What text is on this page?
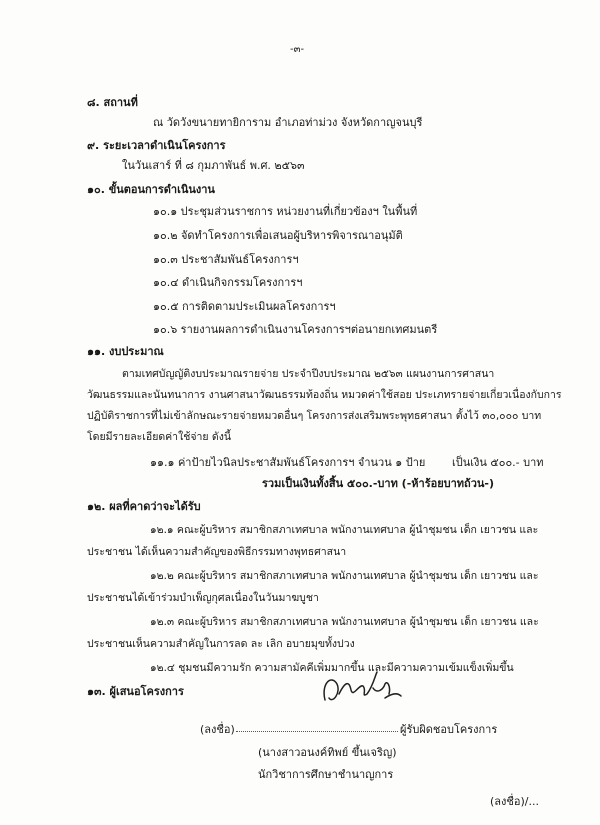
-๓-
๘. สถานที่
ณ วัดวังขนายทายิการาม อำเภอท่าม่วง จังหวัดกาญจนบุรี
๙. ระยะเวลาดำเนินโครงการ
ในวันเสาร์ ที่ ๘ กุมภาพันธ์ พ.ศ. ๒๕๖๓
๑๐. ขั้นตอนการดำเนินงาน
๑๐.๑ ประชุมส่วนราชการ หน่วยงานที่เกี่ยวข้องฯ ในพื้นที่
๑๐.๒ จัดทำโครงการเพื่อเสนอผู้บริหารพิจารณาอนุมัติ
๑๐.๓ ประชาสัมพันธ์โครงการฯ
๑๐.๔ ดำเนินกิจกรรมโครงการฯ
๑๐.๕ การติดตามประเมินผลโครงการฯ
๑๐.๖ รายงานผลการดำเนินงานโครงการฯต่อนายกเทศมนตรี
๑๑. งบประมาณ
ตามเทศบัญญัติงบประมาณรายจ่าย ประจำปีงบประมาณ ๒๕๖๓ แผนงานการศาสนา
วัฒนธรรมและนันทนาการ งานศาสนาวัฒนธรรมท้องถิ่น หมวดค่าใช้สอย ประเภทรายจ่ายเกี่ยวเนื่องกับการ
ปฏิบัติราชการที่ไม่เข้าลักษณะรายจ่ายหมวดอื่นๆ โครงการส่งเสริมพระพุทธศาสนา ตั้งไว้ ๓๐,๐๐๐ บาท
โดยมีรายละเอียดค่าใช้จ่าย ดังนี้
๑๑.๑ ค่าป้ายไวนิลประชาสัมพันธ์โครงการฯ จำนวน ๑ ป้าย เป็นเงิน ๕๐๐.- บาท
รวมเป็นเงินทั้งสิ้น ๕๐๐.-บาท (-ห้าร้อยบาทถ้วน-)
๑๒. ผลที่คาดว่าจะได้รับ
๑๒.๑ คณะผู้บริหาร สมาชิกสภาเทศบาล พนักงานเทศบาล ผู้นำชุมชน เด็ก เยาวชน และ
ประชาชน ได้เห็นความสำคัญของพิธีกรรมทางพุทธศาสนา
๑๒.๒ คณะผู้บริหาร สมาชิกสภาเทศบาล พนักงานเทศบาล ผู้นำชุมชน เด็ก เยาวชน และ
ประชาชนได้เข้าร่วมบำเพ็ญกุศลเนื่องในวันมาฆบูชา
๑๒.๓ คณะผู้บริหาร สมาชิกสภาเทศบาล พนักงานเทศบาล ผู้นำชุมชน เด็ก เยาวชน และ
ประชาชนเห็นความสำคัญในการลด ละ เลิก อบายมุขทั้งปวง
๑๒.๔ ชุมชนมีความรัก ความสามัคคีเพิ่มมากขึ้น และมีความความเข้มแข็งเพิ่มขึ้น
๑๓. ผู้เสนอโครงการ
(ลงชื่อ)	ผู้รับผิดชอบโครงการ
(นางสาวอนงค์ทิพย์ ขึ้นเจริญ)
นักวิชาการศึกษาชำนาญการ
(ลงชื่อ)/...
